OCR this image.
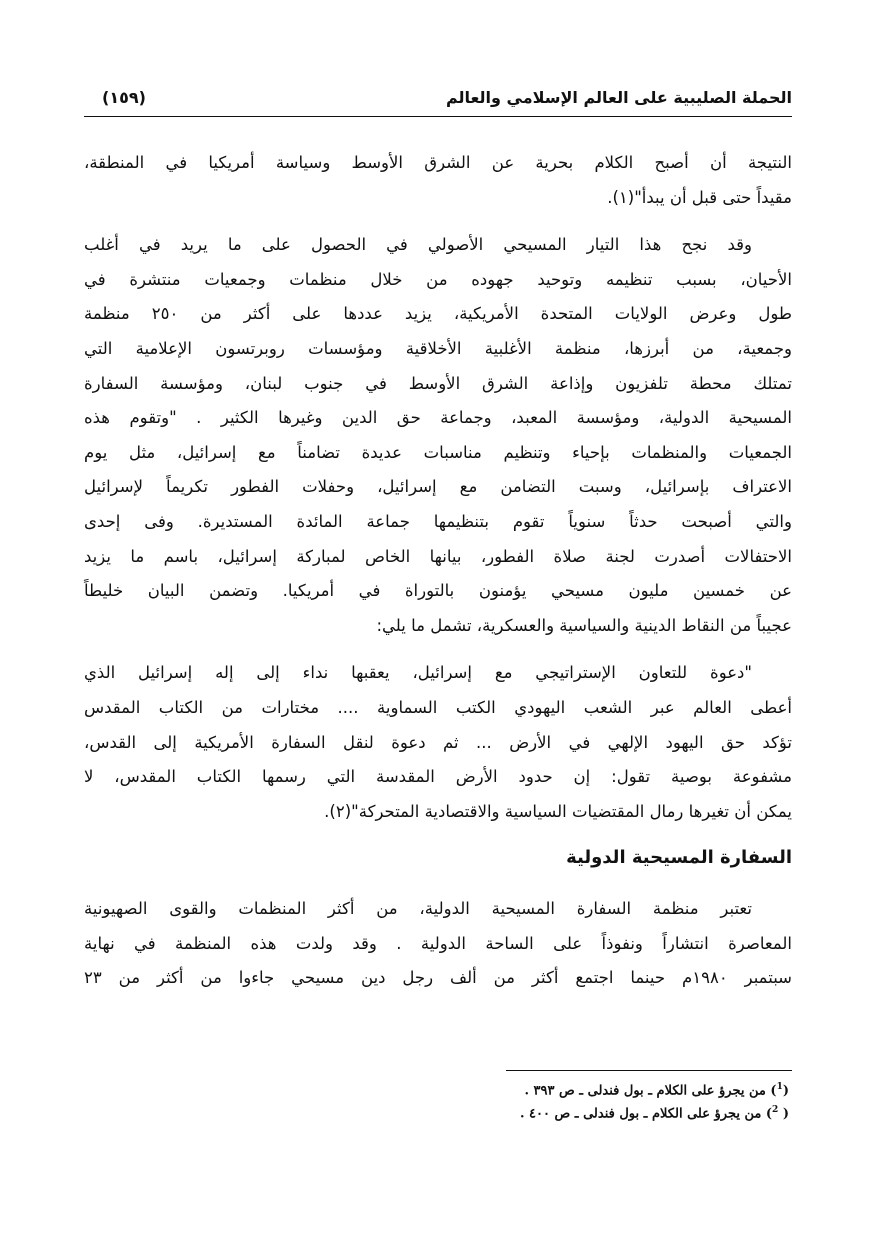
الحملة الصليبية على العالم الإسلامي والعالم
(١٥٩)
النتيجة أن أصبح الكلام بحرية عن الشرق الأوسط وسياسة أمريكيا في المنطقة،
مقيداً حتى قبل أن يبدأ"(١).
وقد نجح هذا التيار المسيحي الأصولي في الحصول على ما يريد في أغلب
الأحيان، بسبب تنظيمه وتوحيد جهوده من خلال منظمات وجمعيات منتشرة في
طول وعرض الولايات المتحدة الأمريكية، يزيد عددها على أكثر من ٢٥٠ منظمة
وجمعية، من أبرزها، منظمة الأغلبية الأخلاقية ومؤسسات روبرتسون الإعلامية التي
تمتلك محطة تلفزيون وإذاعة الشرق الأوسط في جنوب لبنان، ومؤسسة السفارة
المسيحية الدولية، ومؤسسة المعبد، وجماعة حق الدين وغيرها الكثير . "وتقوم هذه
الجمعيات والمنظمات بإحياء وتنظيم مناسبات عديدة تضامناً مع إسرائيل، مثل يوم
الاعتراف بإسرائيل، وسبت التضامن مع إسرائيل، وحفلات الفطور تكريماً لإسرائيل
والتي أصبحت حدثاً سنوياً تقوم بتنظيمها جماعة المائدة المستديرة. وفى إحدى
الاحتفالات أصدرت لجنة صلاة الفطور، بيانها الخاص لمباركة إسرائيل، باسم ما يزيد
عن خمسين مليون مسيحي يؤمنون بالتوراة في أمريكيا. وتضمن البيان خليطاً
عجيباً من النقاط الدينية والسياسية والعسكرية، تشمل ما يلي:
"دعوة للتعاون الإستراتيجي مع إسرائيل، يعقبها نداء إلى إله إسرائيل الذي
أعطى العالم عبر الشعب اليهودي الكتب السماوية .... مختارات من الكتاب المقدس
تؤكد حق اليهود الإلهي في الأرض ... ثم دعوة لنقل السفارة الأمريكية إلى القدس،
مشفوعة بوصية تقول: إن حدود الأرض المقدسة التي رسمها الكتاب المقدس، لا
يمكن أن تغيرها رمال المقتضيات السياسية والاقتصادية المتحركة"(٢).
السفارة المسيحية الدولية
تعتبر منظمة السفارة المسيحية الدولية، من أكثر المنظمات والقوى الصهيونية
المعاصرة انتشاراً ونفوذاً على الساحة الدولية . وقد ولدت هذه المنظمة في نهاية
سبتمبر ١٩٨٠م حينما اجتمع أكثر من ألف رجل دين مسيحي جاءوا من أكثر من ٢٣
($^1$) من يجرؤ على الكلام ـ بول فندلى ـ ص ٣٩٣ .
( $^2$) من يجرؤ على الكلام ـ بول فندلى ـ ص ٤٠٠ .
